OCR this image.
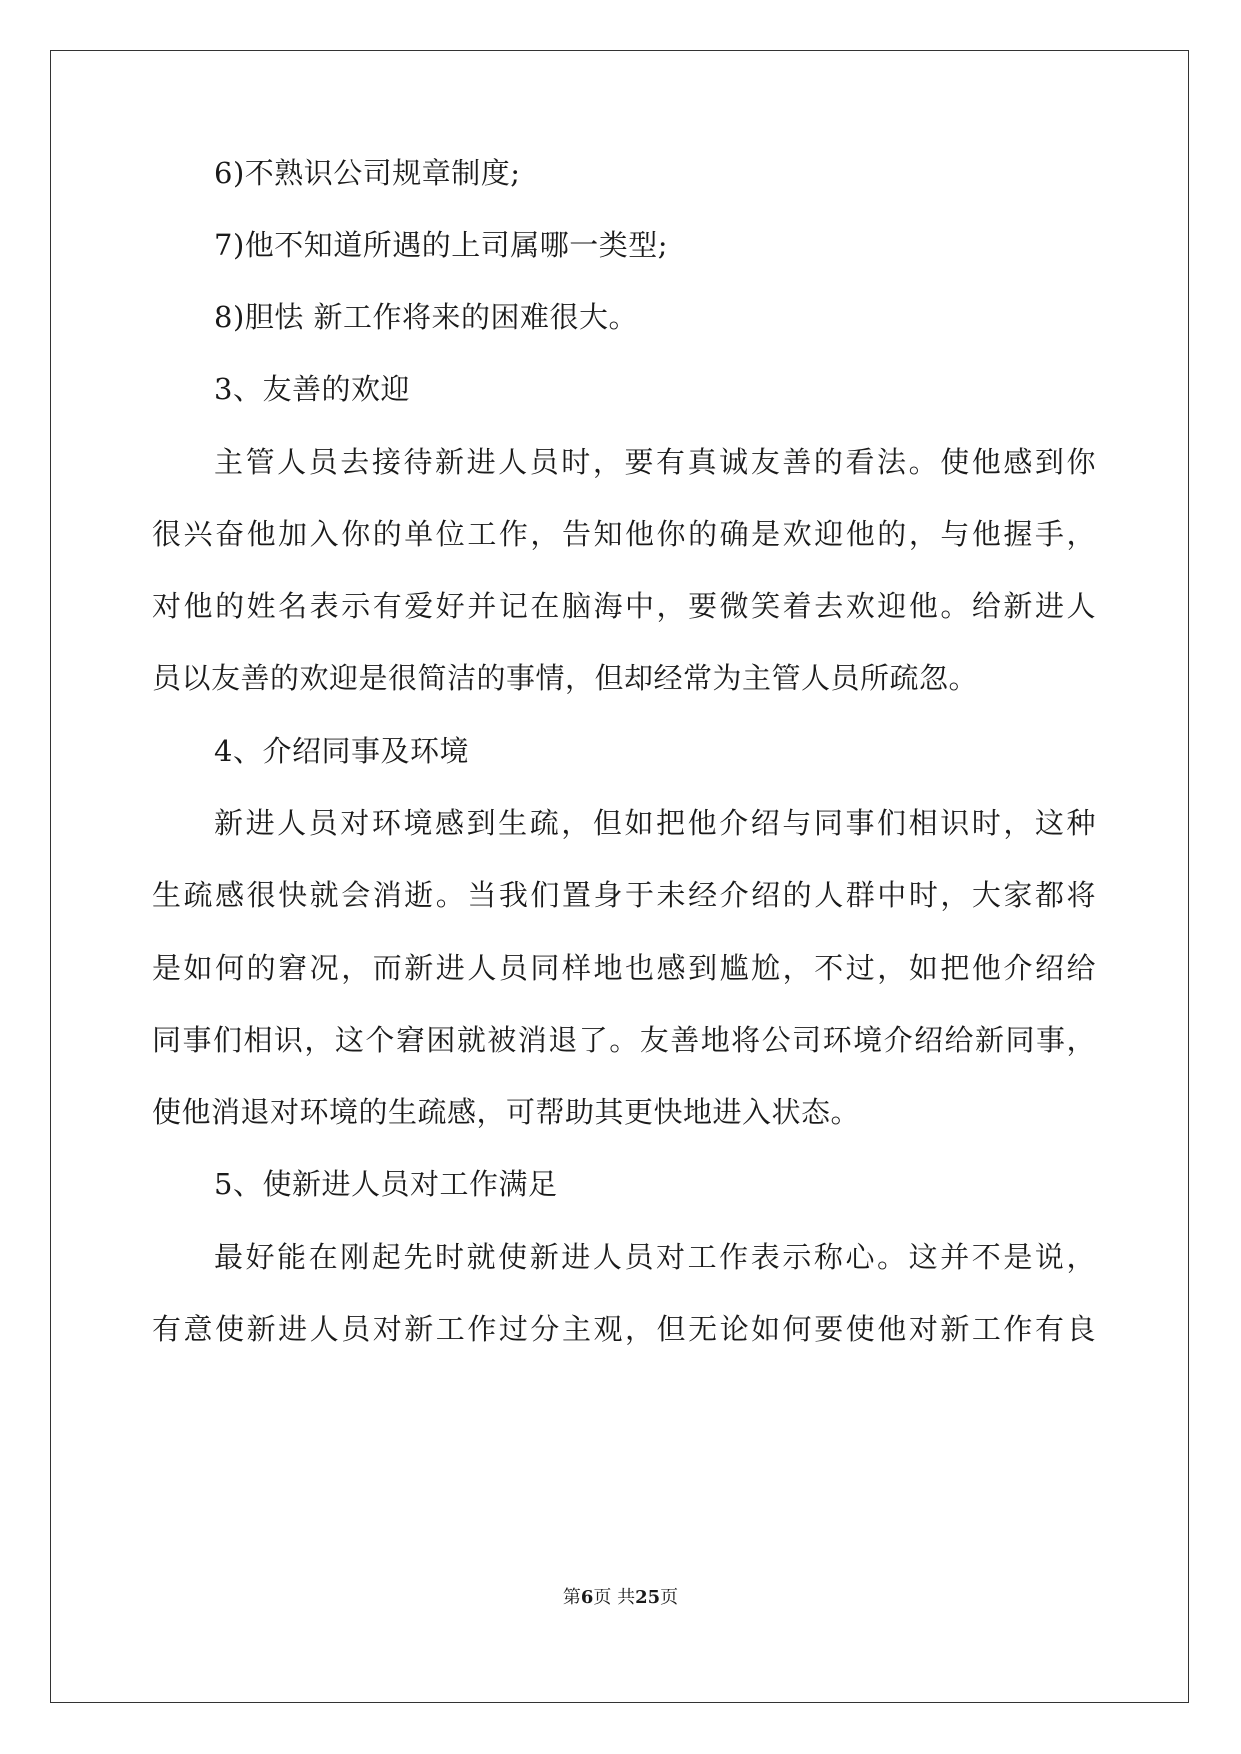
6)不熟识公司规章制度;
7)他不知道所遇的上司属哪一类型;
8)胆怯 新工作将来的困难很大。
3、友善的欢迎
主管人员去接待新进人员时，要有真诚友善的看法。使他感到你
很兴奋他加入你的单位工作，告知他你的确是欢迎他的，与他握手，
对他的姓名表示有爱好并记在脑海中，要微笑着去欢迎他。给新进人
员以友善的欢迎是很简洁的事情，但却经常为主管人员所疏忽。
4、介绍同事及环境
新进人员对环境感到生疏，但如把他介绍与同事们相识时，这种
生疏感很快就会消逝。当我们置身于未经介绍的人群中时，大家都将
是如何的窘况，而新进人员同样地也感到尴尬，不过，如把他介绍给
同事们相识，这个窘困就被消退了。友善地将公司环境介绍给新同事，
使他消退对环境的生疏感，可帮助其更快地进入状态。
5、使新进人员对工作满足
最好能在刚起先时就使新进人员对工作表示称心。这并不是说，
有意使新进人员对新工作过分主观，但无论如何要使他对新工作有良
第6页 共25页
